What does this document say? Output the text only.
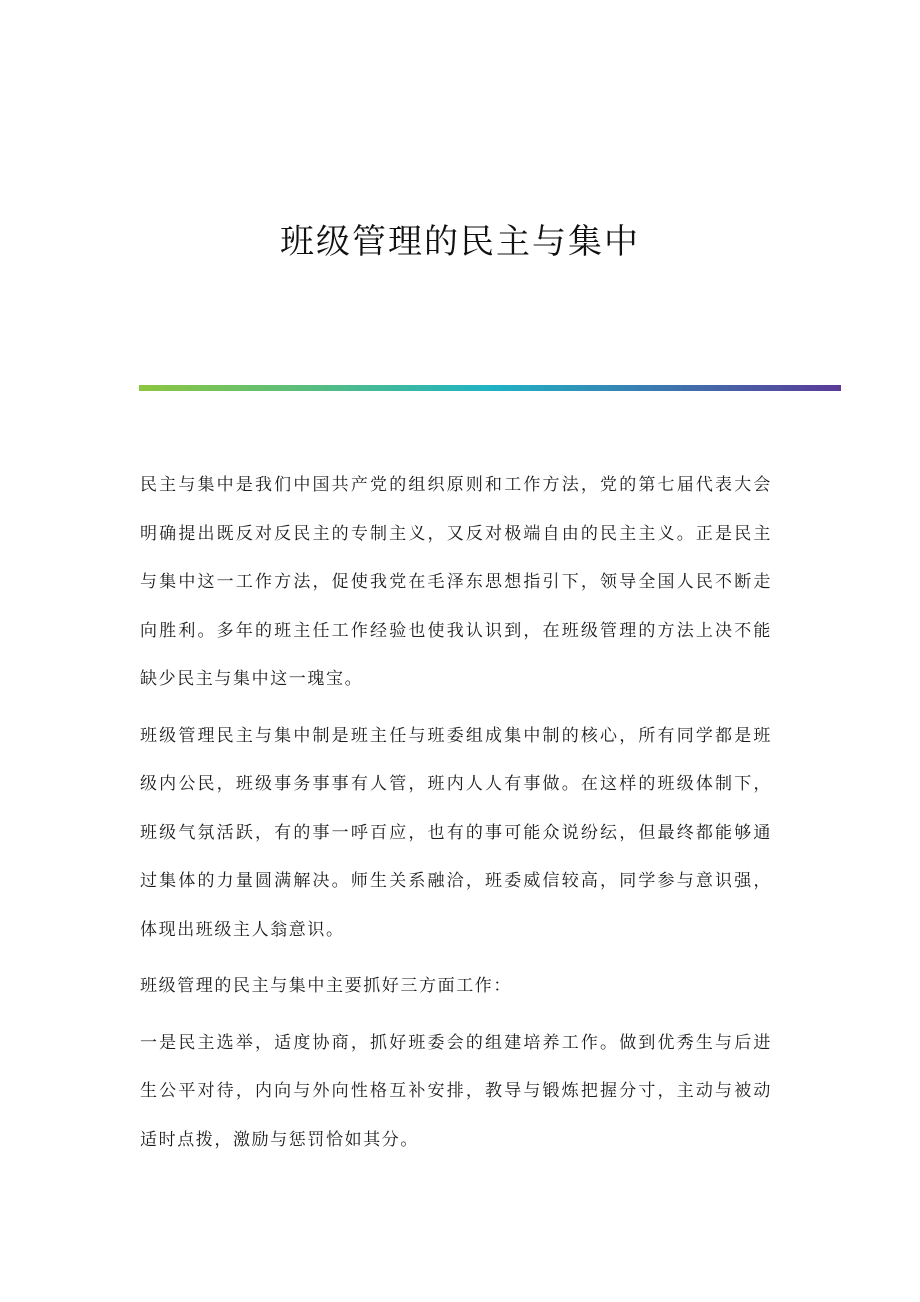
班级管理的民主与集中

民主与集中是我们中国共产党的组织原则和工作方法，党的第七届代表大会明确提出既反对反民主的专制主义，又反对极端自由的民主主义。正是民主与集中这一工作方法，促使我党在毛泽东思想指引下，领导全国人民不断走向胜利。多年的班主任工作经验也使我认识到，在班级管理的方法上决不能缺少民主与集中这一瑰宝。

班级管理民主与集中制是班主任与班委组成集中制的核心，所有同学都是班级内公民，班级事务事事有人管，班内人人有事做。在这样的班级体制下，班级气氛活跃，有的事一呼百应，也有的事可能众说纷纭，但最终都能够通过集体的力量圆满解决。师生关系融洽，班委威信较高，同学参与意识强，体现出班级主人翁意识。

班级管理的民主与集中主要抓好三方面工作：

一是民主选举，适度协商，抓好班委会的组建培养工作。做到优秀生与后进生公平对待，内向与外向性格互补安排，教导与锻炼把握分寸，主动与被动适时点拨，激励与惩罚恰如其分。
